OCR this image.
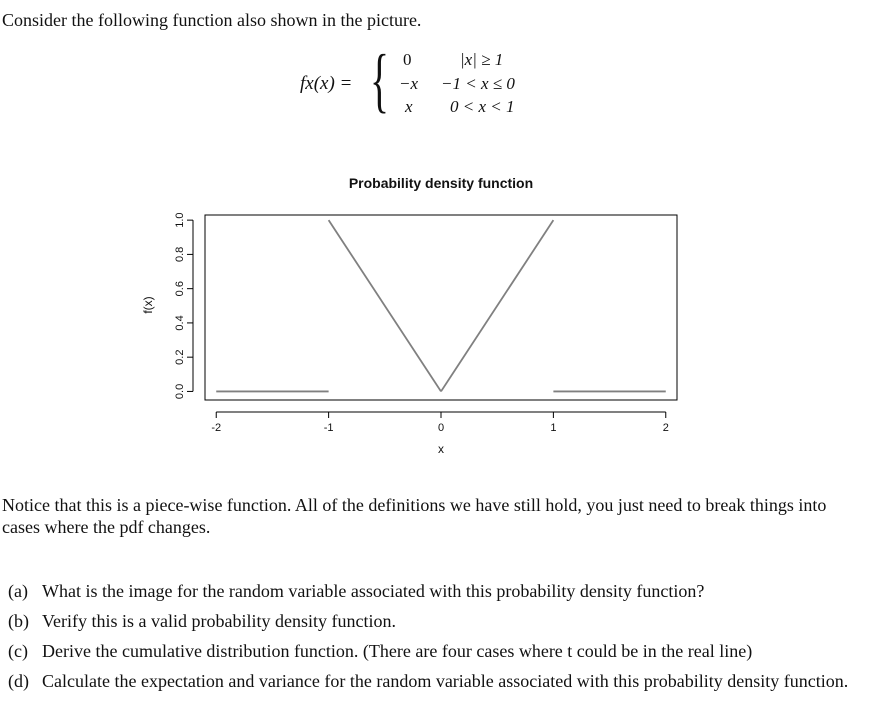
Consider the following function also shown in the picture.
fx(x) = { 0	|x| ≥ 1
−x −1 < x ≤ 0
x 0 < x < 1
Probability density function
-2	-1	0	1	2
0.0
0.2
0.4
0.6
0.8
1.0
x
f(x)
Notice that this is a piece-wise function. All of the definitions we have still hold, you just need to break things into cases where the pdf changes.
(a) What is the image for the random variable associated with this probability density function?
(b) Verify this is a valid probability density function.
(c) Derive the cumulative distribution function. (There are four cases where t could be in the real line)
(d) Calculate the expectation and variance for the random variable associated with this probability density function.
